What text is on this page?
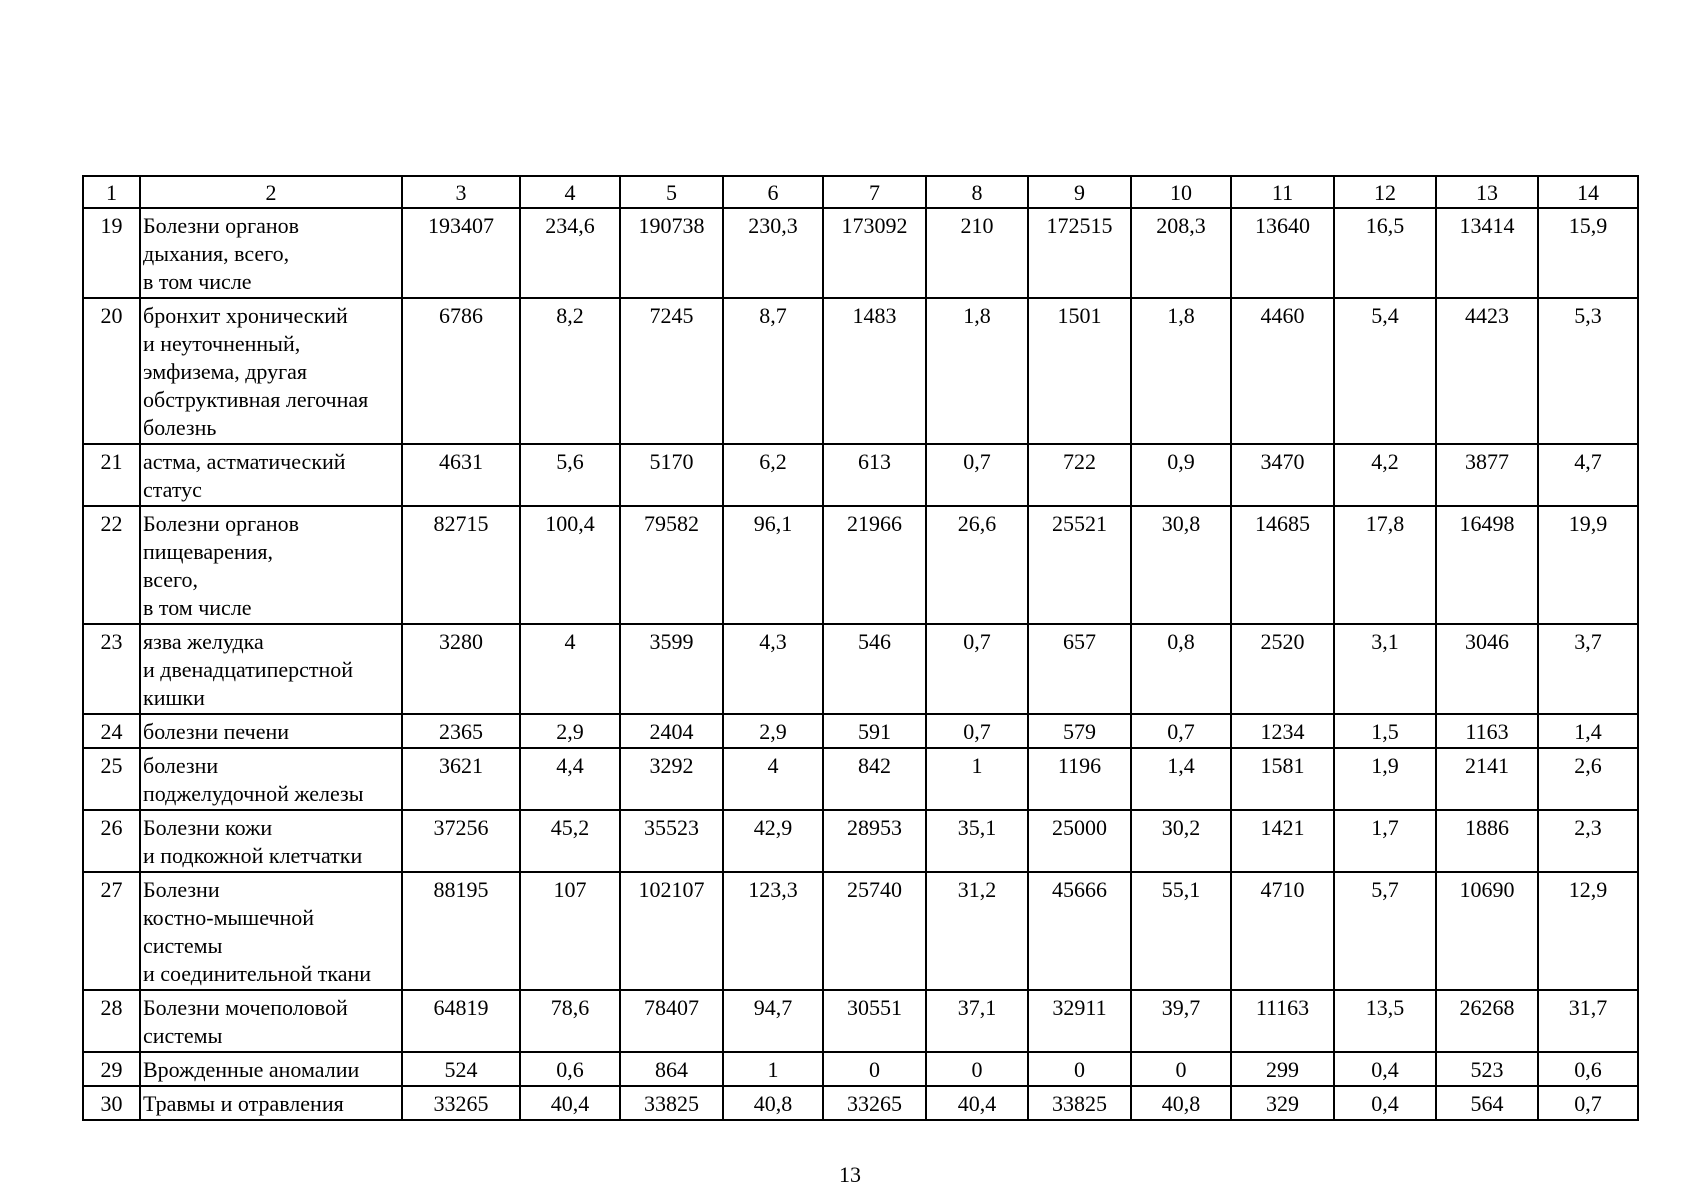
1	2	3	4	5	6	7	8	9	10	11	12	13	14
19	Болезни органов
дыхания, всего,
в том числе	193407	234,6	190738	230,3	173092	210	172515	208,3	13640	16,5	13414	15,9
20	бронхит хронический
и неуточненный,
эмфизема, другая
обструктивная легочная
болезнь	6786	8,2	7245	8,7	1483	1,8	1501	1,8	4460	5,4	4423	5,3
21	астма, астматический
статус	4631	5,6	5170	6,2	613	0,7	722	0,9	3470	4,2	3877	4,7
22	Болезни органов
пищеварения,
всего,
в том числе	82715	100,4	79582	96,1	21966	26,6	25521	30,8	14685	17,8	16498	19,9
23	язва желудка
и двенадцатиперстной
кишки	3280	4	3599	4,3	546	0,7	657	0,8	2520	3,1	3046	3,7
24	болезни печени	2365	2,9	2404	2,9	591	0,7	579	0,7	1234	1,5	1163	1,4
25	болезни
поджелудочной железы	3621	4,4	3292	4	842	1	1196	1,4	1581	1,9	2141	2,6
26	Болезни кожи
и подкожной клетчатки	37256	45,2	35523	42,9	28953	35,1	25000	30,2	1421	1,7	1886	2,3
27	Болезни
костно-мышечной
системы
и соединительной ткани	88195	107	102107	123,3	25740	31,2	45666	55,1	4710	5,7	10690	12,9
28	Болезни мочеполовой
системы	64819	78,6	78407	94,7	30551	37,1	32911	39,7	11163	13,5	26268	31,7
29	Врожденные аномалии	524	0,6	864	1	0	0	0	0	299	0,4	523	0,6
30	Травмы и отравления	33265	40,4	33825	40,8	33265	40,4	33825	40,8	329	0,4	564	0,7
13
